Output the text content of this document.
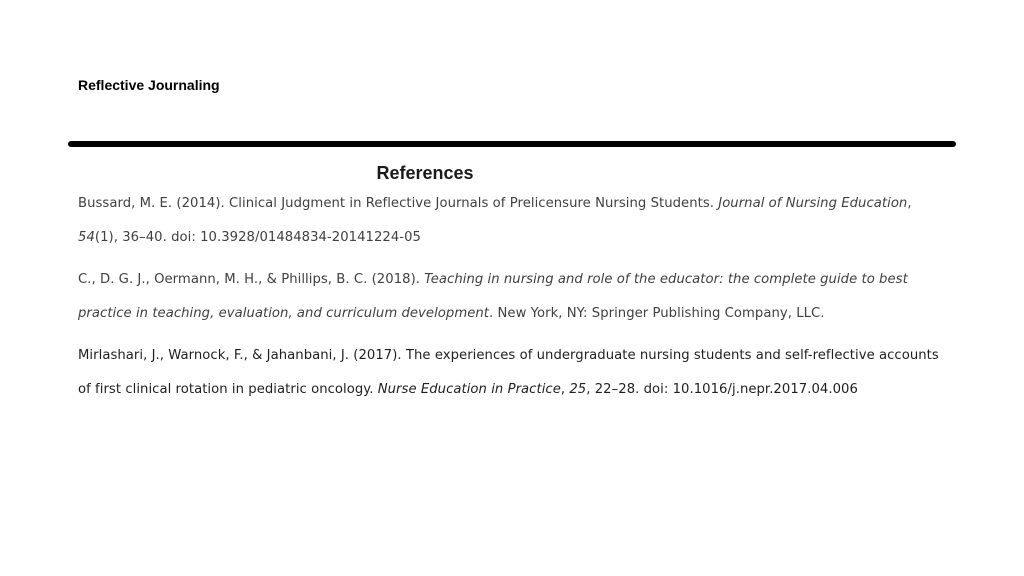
Reflective Journaling
References

Bussard, M. E. (2014). Clinical Judgment in Reflective Journals of Prelicensure Nursing Students. Journal of Nursing Education, 54(1), 36–40. doi: 10.3928/01484834-20141224-05

C., D. G. J., Oermann, M. H., & Phillips, B. C. (2018). Teaching in nursing and role of the educator: the complete guide to best practice in teaching, evaluation, and curriculum development. New York, NY: Springer Publishing Company, LLC.

Mirlashari, J., Warnock, F., & Jahanbani, J. (2017). The experiences of undergraduate nursing students and self-reflective accounts of first clinical rotation in pediatric oncology. Nurse Education in Practice, 25, 22–28. doi: 10.1016/j.nepr.2017.04.006
